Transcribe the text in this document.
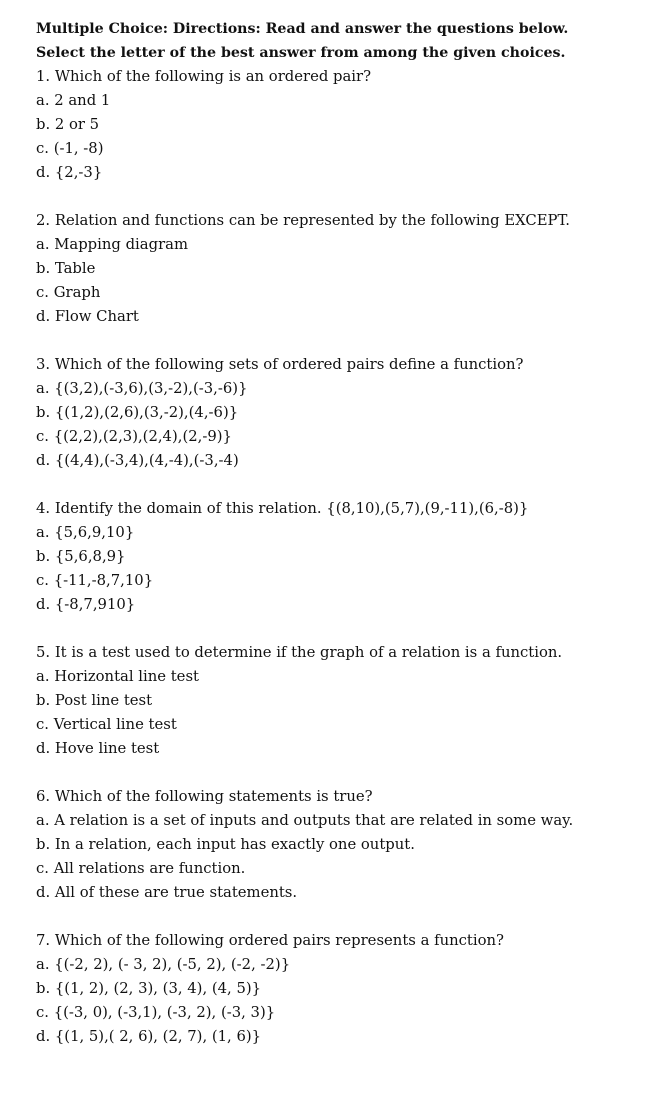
Multiple Choice: Directions: Read and answer the questions below.

Select the letter of the best answer from among the given choices.

1. Which of the following is an ordered pair?

a. 2 and 1

b. 2 or 5

c. (-1, -8)

d. {2,-3}

2. Relation and functions can be represented by the following EXCEPT.

a. Mapping diagram

b. Table

c. Graph

d. Flow Chart

3. Which of the following sets of ordered pairs define a function?

a. {(3,2),(-3,6),(3,-2),(-3,-6)}

b. {(1,2),(2,6),(3,-2),(4,-6)}

c. {(2,2),(2,3),(2,4),(2,-9)}

d. {(4,4),(-3,4),(4,-4),(-3,-4)

4. Identify the domain of this relation. {(8,10),(5,7),(9,-11),(6,-8)}

a. {5,6,9,10}

b. {5,6,8,9}

c. {-11,-8,7,10}

d. {-8,7,910}

5. It is a test used to determine if the graph of a relation is a function.

a. Horizontal line test

b. Post line test

c. Vertical line test

d. Hove line test

6. Which of the following statements is true?

a. A relation is a set of inputs and outputs that are related in some way.

b. In a relation, each input has exactly one output.

c. All relations are function.

d. All of these are true statements.

7. Which of the following ordered pairs represents a function?

a. {(-2, 2), (- 3, 2), (-5, 2), (-2, -2)}

b. {(1, 2), (2, 3), (3, 4), (4, 5)}

c. {(-3, 0), (-3,1), (-3, 2), (-3, 3)}

d. {(1, 5),( 2, 6), (2, 7), (1, 6)}
